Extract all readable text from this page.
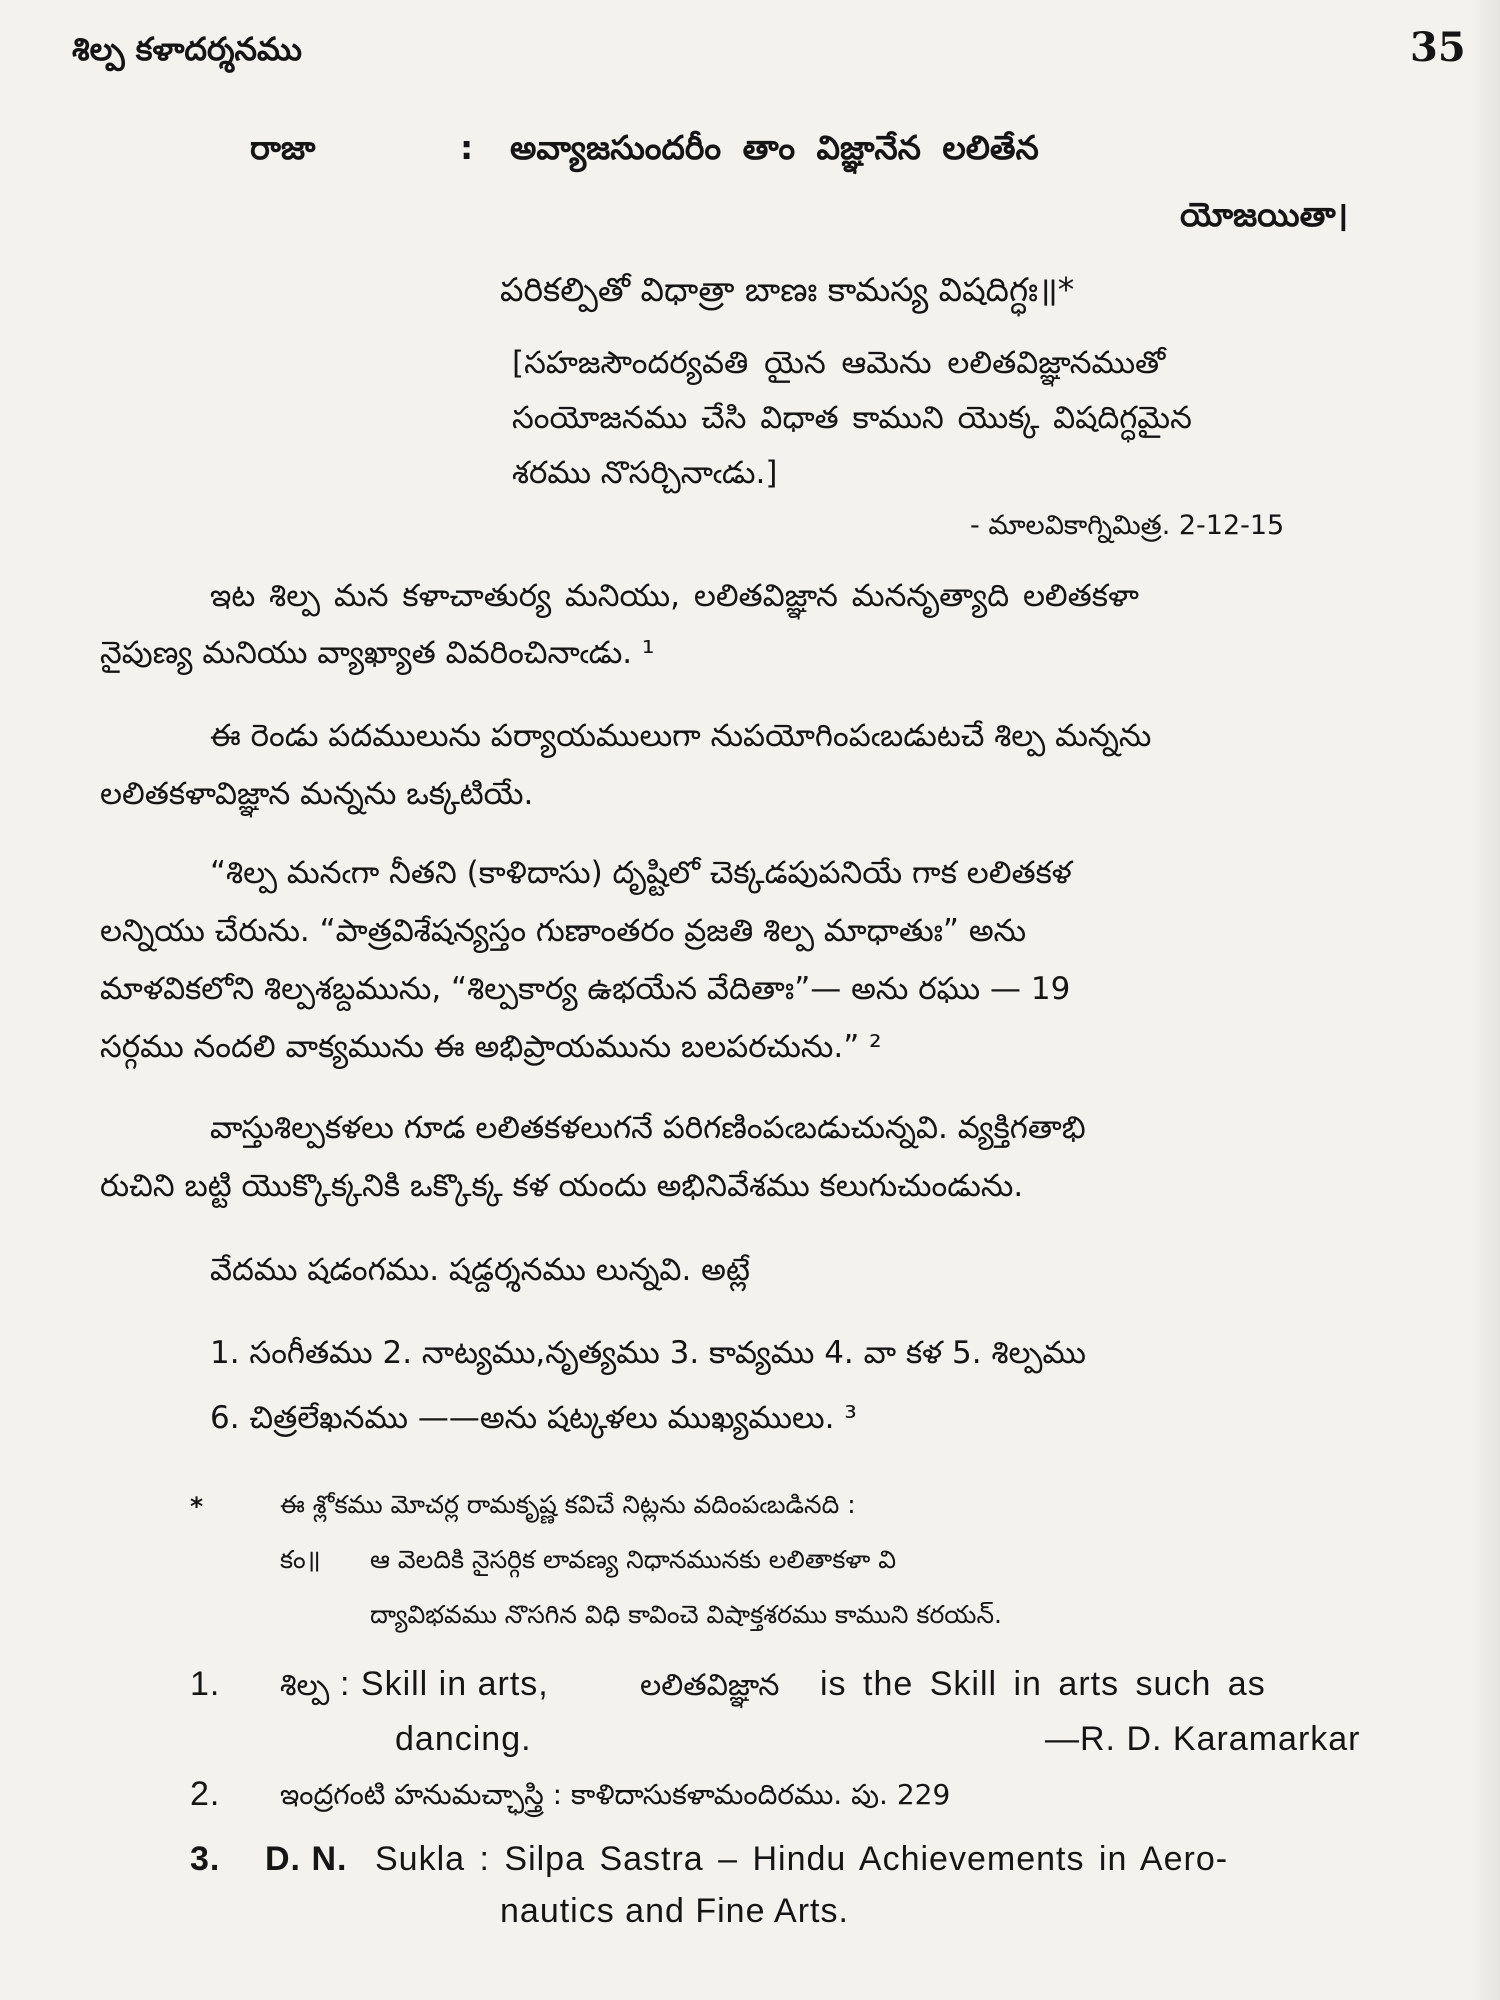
శిల్ప కళాదర్శనము	35
రాజా	: అవ్యాజసుందరీం తాం విజ్ఞానేన లలితేన
యోజయితా।
పరికల్పితో విధాత్రా బాణః కామస్య విషదిగ్ధః॥*
[సహజసౌందర్యవతి యైన ఆమెను లలితవిజ్ఞానముతో
సంయోజనము చేసి విధాత కాముని యొక్క విషదిగ్ధమైన
శరము నొసర్చినాఁడు.]
- మాలవికాగ్నిమిత్ర. 2-12-15
ఇట శిల్ప మన కళాచాతుర్య మనియు, లలితవిజ్ఞాన మననృత్యాది లలితకళా
నైపుణ్య మనియు వ్యాఖ్యాత వివరించినాఁడు. ¹
ఈ రెండు పదములును పర్యాయములుగా నుపయోగింపఁబడుటచే శిల్ప మన్నను
లలితకళావిజ్ఞాన మన్నను ఒక్కటియే.
“శిల్ప మనఁగా నీతని (కాళిదాసు) దృష్టిలో చెక్కడపుపనియే గాక లలితకళ
లన్నియు చేరును. “పాత్రవిశేషన్యస్తం గుణాంతరం వ్రజతి శిల్ప మాధాతుః” అను
మాళవికలోని శిల్పశబ్దమును, “శిల్పకార్య ఉభయేన వేదితాః”— అను రఘు — 19
సర్గము నందలి వాక్యమును ఈ అభిప్రాయమును బలపరచును.” ²
వాస్తుశిల్పకళలు గూడ లలితకళలుగనే పరిగణింపఁబడుచున్నవి. వ్యక్తిగతాభి
రుచిని బట్టి యొక్కొక్కనికి ఒక్కొక్క కళ యందు అభినివేశము కలుగుచుండును.
వేదము షడంగము. షడ్దర్శనము లున్నవి. అట్లే
1. సంగీతము 2. నాట్యము,నృత్యము 3. కావ్యము 4. వా కళ 5. శిల్పము
6. చిత్రలేఖనము ——అను షట్కళలు ముఖ్యములు. ³
*	ఈ శ్లోకము మోచర్ల రామకృష్ణ కవిచే నిట్లను వదింపఁబడినది :
కం॥ ఆ వెలదికి నైసర్గిక లావణ్య నిధానమునకు లలితాకళా వి
ద్యావిభవము నొసగిన విధి కావించె విషాక్తశరము కాముని కరయన్.
1. శిల్ప : Skill in arts,	లలితవిజ్ఞాన is the Skill in arts such as
dancing.	—R. D. Karamarkar
2. ఇంద్రగంటి హనుమచ్ఛాస్త్రి : కాళిదాసుకళామందిరము. పు. 229
3. D. N. Sukla : Silpa Sastra – Hindu Achievements in Aero-
nautics and Fine Arts.
